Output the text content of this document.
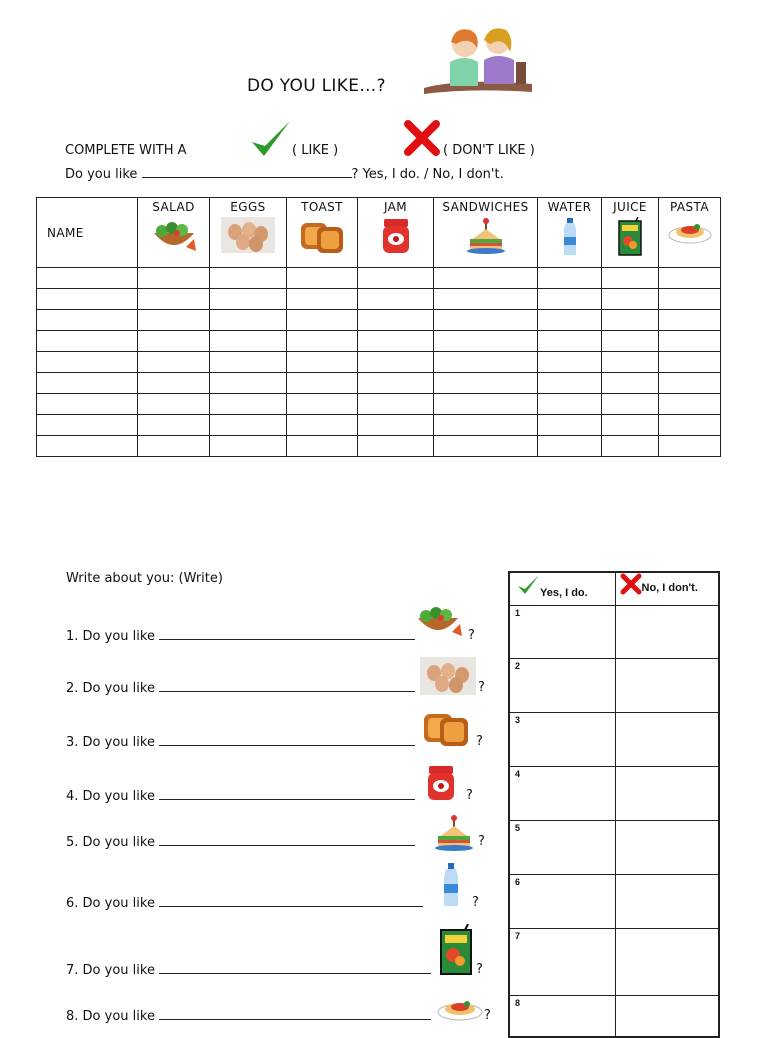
DO YOU LIKE…?
COMPLETE WITH A	( LIKE )	( DON'T LIKE )
Do you like	? Yes, I do. / No, I don't.
NAME	SALAD	EGGS	TOAST	JAM	SANDWICHES	WATER	JUICE	PASTA

Write about you: (Write)
1. Do you like	?
2. Do you like	?
3. Do you like	?
4. Do you like	?
5. Do you like	?
6. Do you like	?
7. Do you like	?
8. Do you like	?
Yes, I do.	No, I don't.

1	

2	

3	

4	

5	

6	

7	

8	
